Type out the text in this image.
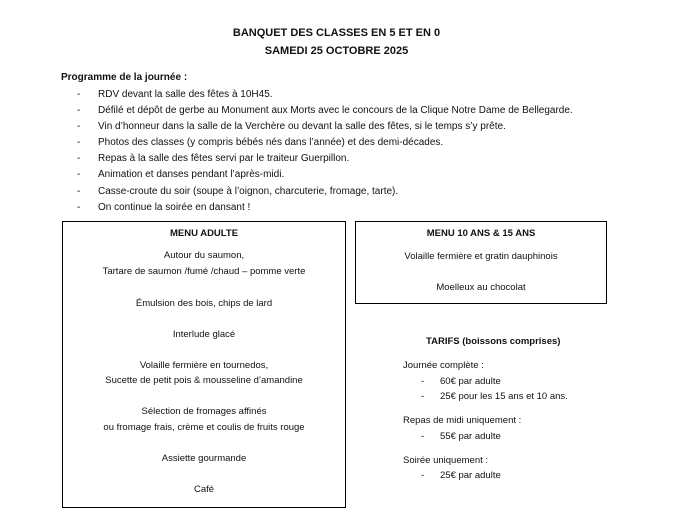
BANQUET DES CLASSES EN 5 ET EN 0
SAMEDI 25 OCTOBRE 2025
Programme de la journée :
- RDV devant la salle des fêtes à 10H45.
- Défilé et dépôt de gerbe au Monument aux Morts avec le concours de la Clique Notre Dame de Bellegarde.
- Vin d’honneur dans la salle de la Verchère ou devant la salle des fêtes, si le temps s’y prête.
- Photos des classes (y compris bébés nés dans l’année) et des demi-décades.
- Repas à la salle des fêtes servi par le traiteur Guerpillon.
- Animation et danses pendant l’après-midi.
- Casse-croute du soir (soupe à l’oignon, charcuterie, fromage, tarte).
- On continue la soirée en dansant !
MENU ADULTE
Autour du saumon,
Tartare de saumon /fumé /chaud – pomme verte
Émulsion des bois, chips de lard
Interlude glacé
Volaille fermière en tournedos,
Sucette de petit pois & mousseline d’amandine
Sélection de fromages affinés
ou fromage frais, crème et coulis de fruits rouge
Assiette gourmande
Café
MENU 10 ANS & 15 ANS
Volaille fermière et gratin dauphinois
Moelleux au chocolat
TARIFS (boissons comprises)
Journée complète :
- 60€ par adulte
- 25€ pour les 15 ans et 10 ans.
Repas de midi uniquement :
- 55€ par adulte
Soirée uniquement :
- 25€ par adulte
